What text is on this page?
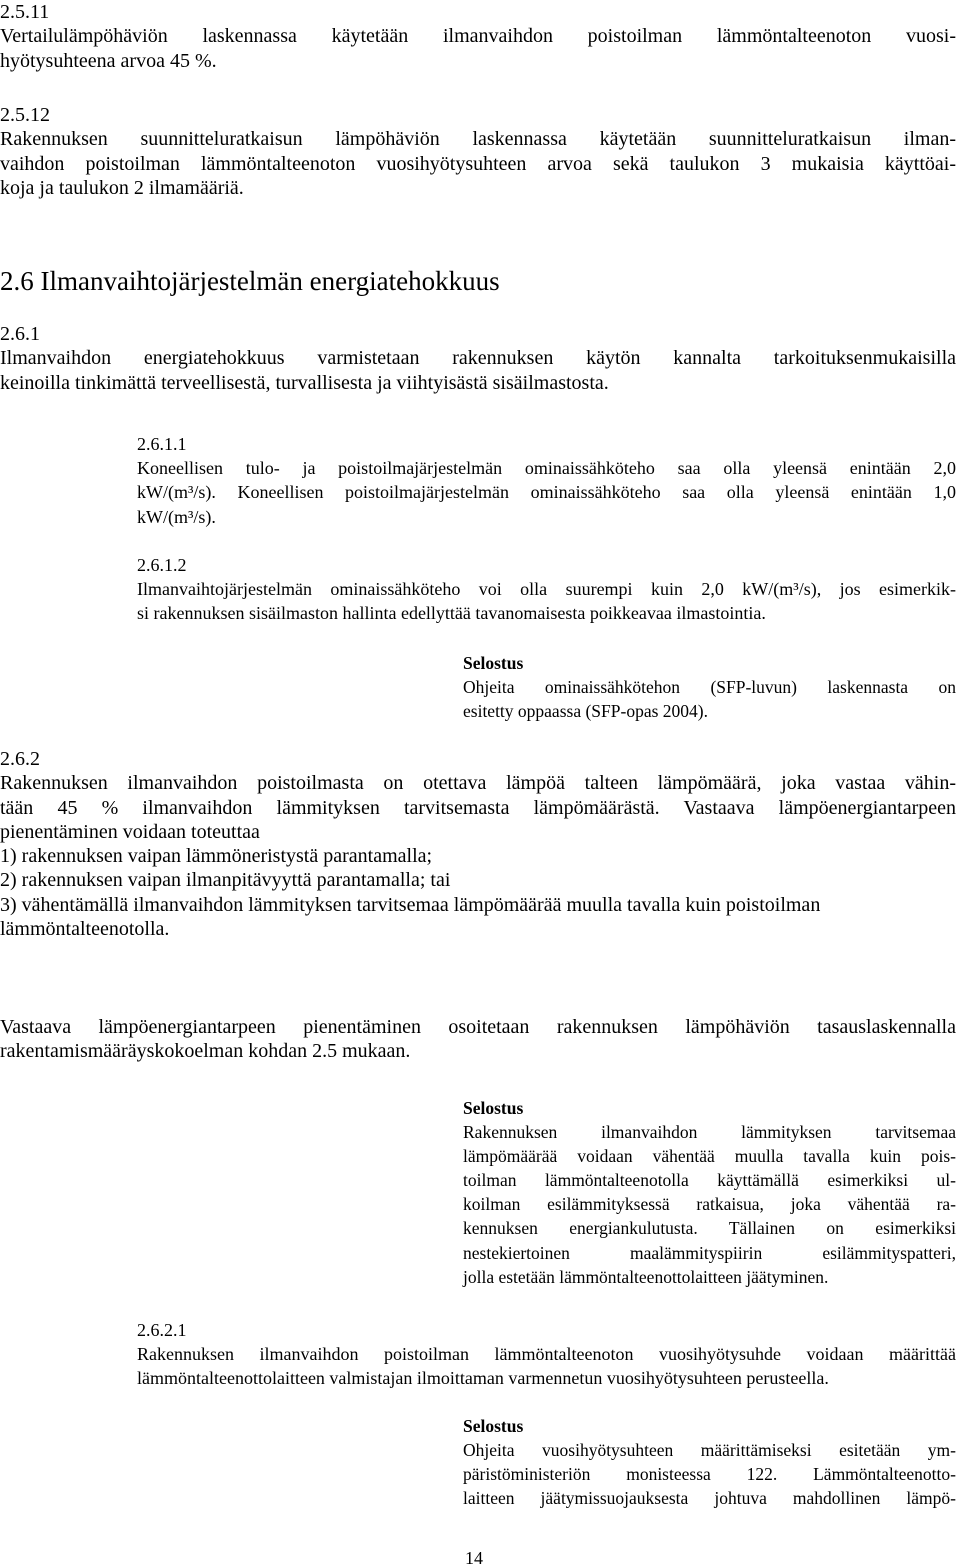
2.5.11
Vertailulämpöhäviön laskennassa käytetään ilmanvaihdon poistoilman lämmöntalteenoton vuosi-
hyötysuhteena arvoa 45 %.
2.5.12
Rakennuksen suunnitteluratkaisun lämpöhäviön laskennassa käytetään suunnitteluratkaisun ilman-
vaihdon poistoilman lämmöntalteenoton vuosihyötysuhteen arvoa sekä taulukon 3 mukaisia käyttöai-
koja ja taulukon 2 ilmamääriä.
2.6 Ilmanvaihtojärjestelmän energiatehokkuus
2.6.1
Ilmanvaihdon energiatehokkuus varmistetaan rakennuksen käytön kannalta tarkoituksenmukaisilla
keinoilla tinkimättä terveellisestä, turvallisesta ja viihtyisästä sisäilmastosta.
2.6.1.1
Koneellisen tulo- ja poistoilmajärjestelmän ominaissähköteho saa olla yleensä enintään 2,0
kW/(m³/s). Koneellisen poistoilmajärjestelmän ominaissähköteho saa olla yleensä enintään 1,0
kW/(m³/s).
2.6.1.2
Ilmanvaihtojärjestelmän ominaissähköteho voi olla suurempi kuin 2,0 kW/(m³/s), jos esimerkik-
si rakennuksen sisäilmaston hallinta edellyttää tavanomaisesta poikkeavaa ilmastointia.
Selostus
Ohjeita ominaissähkötehon (SFP-luvun) laskennasta on
esitetty oppaassa (SFP-opas 2004).
2.6.2
Rakennuksen ilmanvaihdon poistoilmasta on otettava lämpöä talteen lämpömäärä, joka vastaa vähin-
tään 45 % ilmanvaihdon lämmityksen tarvitsemasta lämpömäärästä. Vastaava lämpöenergiantarpeen
pienentäminen voidaan toteuttaa
1) rakennuksen vaipan lämmöneristystä parantamalla;
2) rakennuksen vaipan ilmanpitävyyttä parantamalla; tai
3) vähentämällä ilmanvaihdon lämmityksen tarvitsemaa lämpömäärää muulla tavalla kuin poistoilman
lämmöntalteenotolla.
Vastaava lämpöenergiantarpeen pienentäminen osoitetaan rakennuksen lämpöhäviön tasauslaskennalla
rakentamismääräyskokoelman kohdan 2.5 mukaan.
Selostus
Rakennuksen ilmanvaihdon lämmityksen tarvitsemaa
lämpömäärää voidaan vähentää muulla tavalla kuin pois-
toilman lämmöntalteenotolla käyttämällä esimerkiksi ul-
koilman esilämmityksessä ratkaisua, joka vähentää ra-
kennuksen energiankulutusta. Tällainen on esimerkiksi
nestekiertoinen maalämmityspiirin esilämmityspatteri,
jolla estetään lämmöntalteenottolaitteen jäätyminen.
2.6.2.1
Rakennuksen ilmanvaihdon poistoilman lämmöntalteenoton vuosihyötysuhde voidaan määrittää
lämmöntalteenottolaitteen valmistajan ilmoittaman varmennetun vuosihyötysuhteen perusteella.
Selostus
Ohjeita vuosihyötysuhteen määrittämiseksi esitetään ym-
päristöministeriön monisteessa 122. Lämmöntalteenotto-
laitteen jäätymissuojauksesta johtuva mahdollinen lämpö-
14
